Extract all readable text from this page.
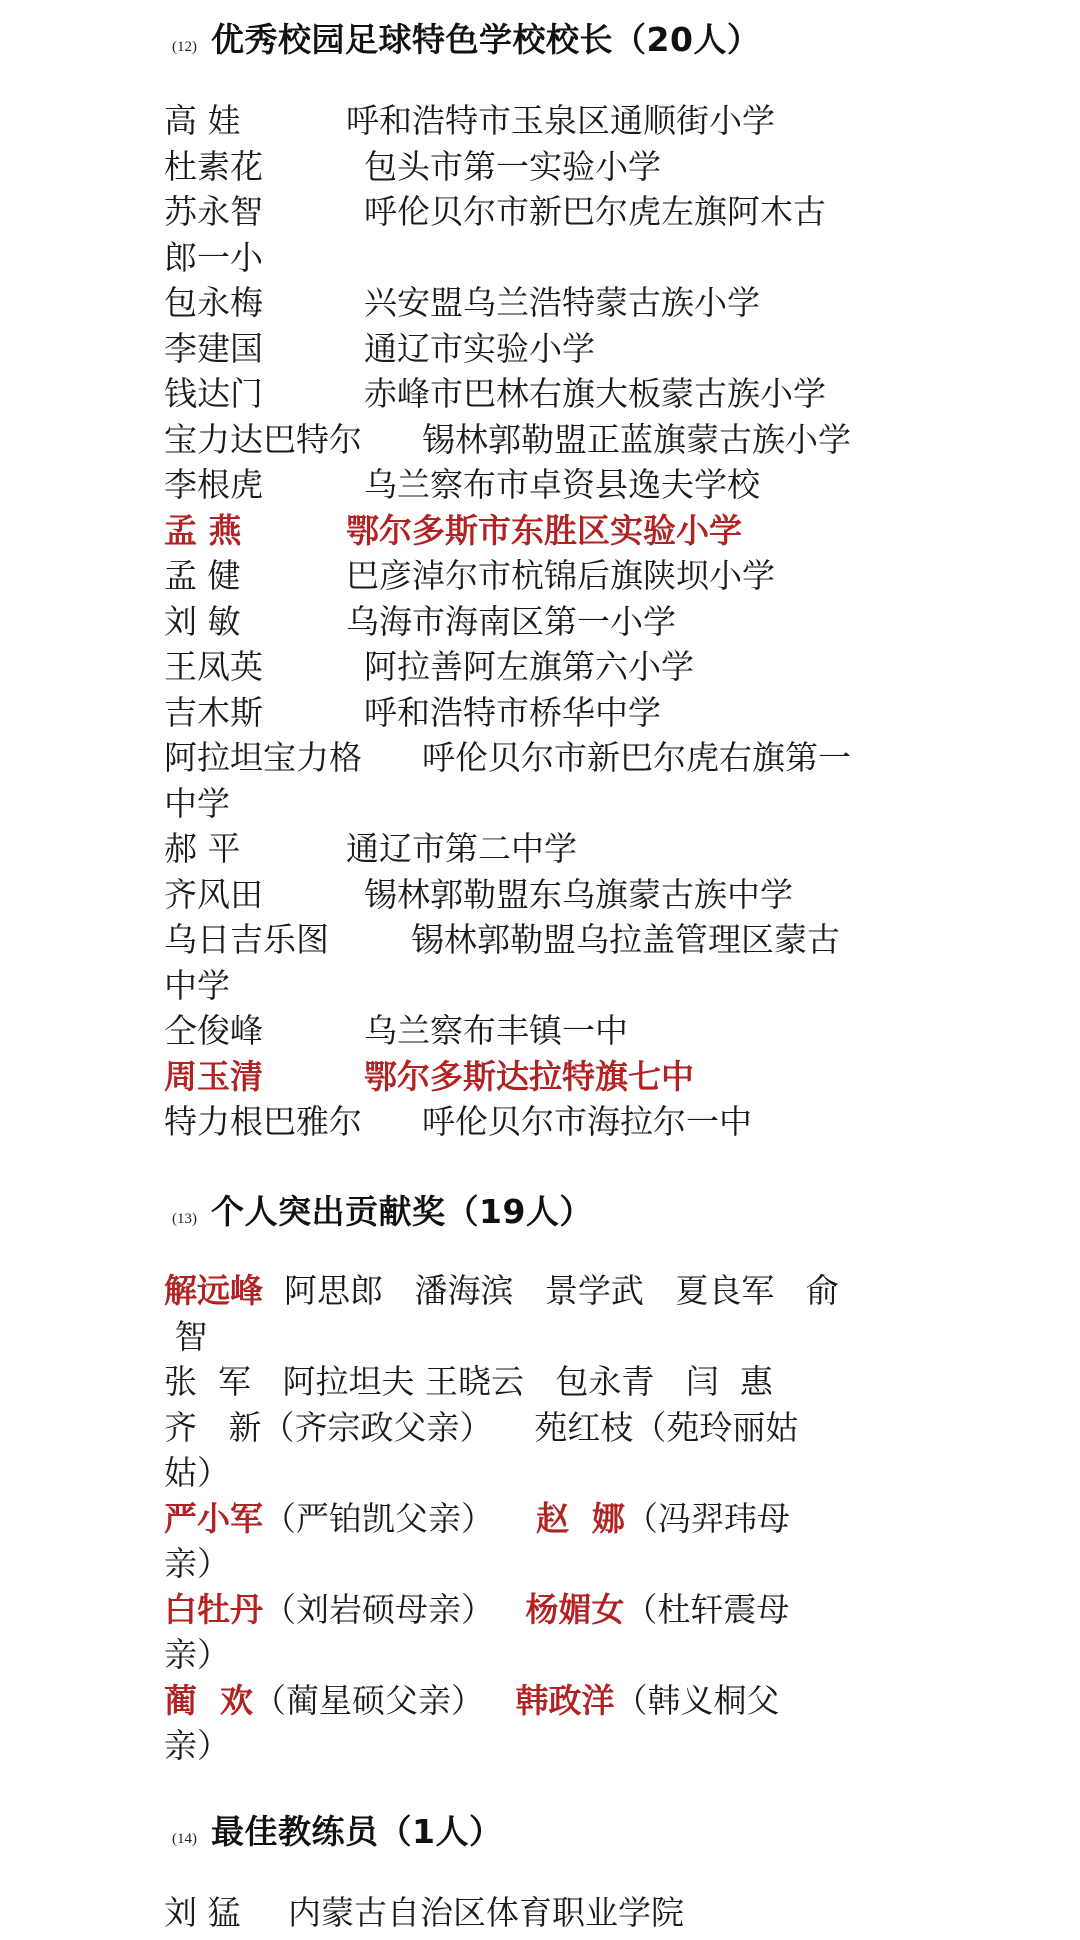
(12) 优秀校园足球特色学校校长（20人）
高 娃	呼和浩特市玉泉区通顺街小学
杜素花	包头市第一实验小学
苏永智	呼伦贝尔市新巴尔虎左旗阿木古
郎一小
包永梅	兴安盟乌兰浩特蒙古族小学
李建国	通辽市实验小学
钱达门	赤峰市巴林右旗大板蒙古族小学
宝力达巴特尔 锡林郭勒盟正蓝旗蒙古族小学
李根虎	乌兰察布市卓资县逸夫学校
孟 燕	鄂尔多斯市东胜区实验小学
孟 健	巴彦淖尔市杭锦后旗陕坝小学
刘 敏	乌海市海南区第一小学
王凤英	阿拉善阿左旗第六小学
吉木斯	呼和浩特市桥华中学
阿拉坦宝力格 呼伦贝尔市新巴尔虎右旗第一
中学
郝 平	通辽市第二中学
齐风田	锡林郭勒盟东乌旗蒙古族中学
乌日吉乐图 锡林郭勒盟乌拉盖管理区蒙古
中学
仝俊峰	乌兰察布丰镇一中
周玉清	鄂尔多斯达拉特旗七中
特力根巴雅尔 呼伦贝尔市海拉尔一中
(13) 个人突出贡献奖（19人）
解远峰  阿思郎   潘海滨   景学武   夏良军   俞
智
张  军   阿拉坦夫 王晓云   包永青   闫  惠
齐   新（齐宗政父亲）    苑红枝（苑玲丽姑
姑）
严小军（严铂凯父亲）    赵  娜（冯羿玮母
亲）
白牡丹（刘岩硕母亲）   杨媚女（杜轩震母
亲）
蔺  欢（蔺星硕父亲）   韩政洋（韩义桐父
亲）
(14) 最佳教练员（1人）
刘 猛 内蒙古自治区体育职业学院
